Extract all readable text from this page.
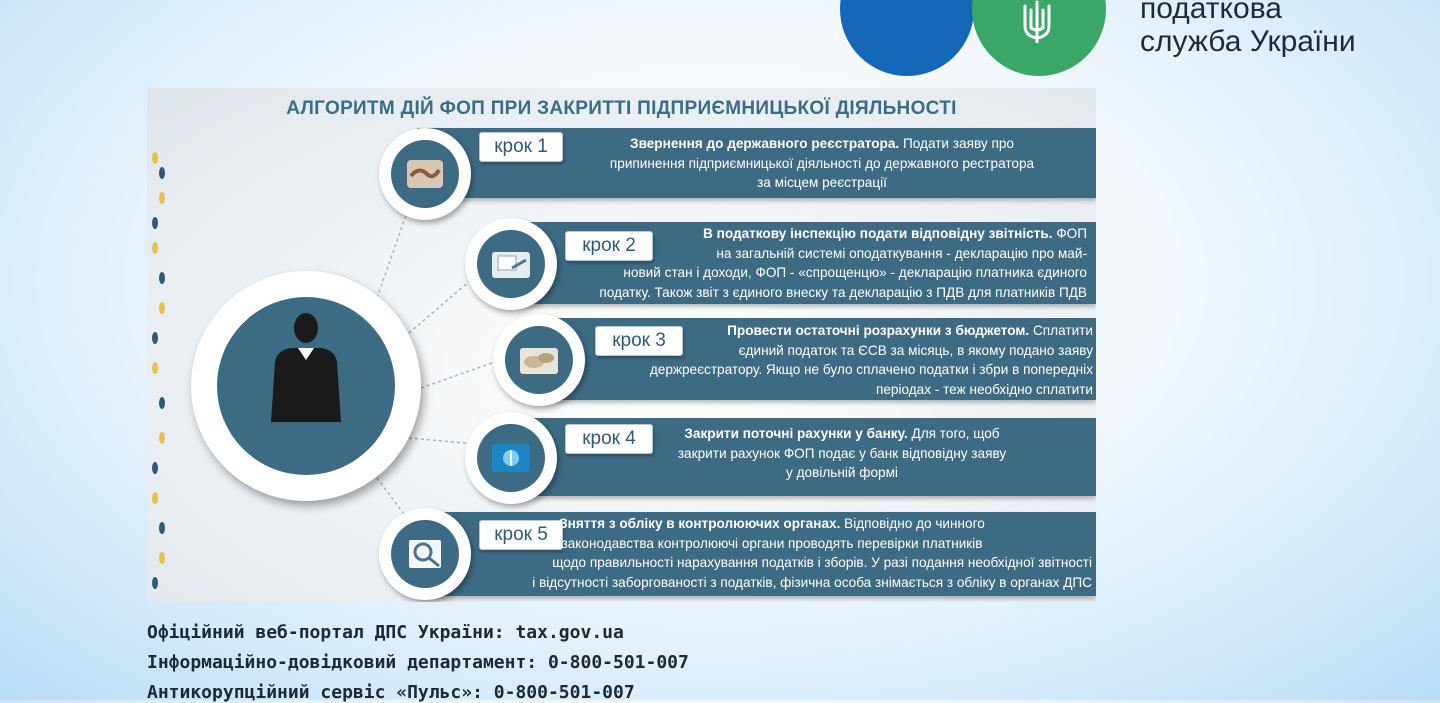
податкова
служба України
АЛГОРИТМ ДІЙ ФОП ПРИ ЗАКРИТТІ ПІДПРИЄМНИЦЬКОЇ ДІЯЛЬНОСТІ
крок 1	Звернення до державного реєстратора. Подати заяву про
припинення підприємницької діяльності до державного рестратора
за місцем реєстрації
крок 2
В податкову інспекцію подати відповідну звітність. ФОП
на загальній системі оподаткування - декларацію про май-
новий стан і доходи, ФОП - «спрощенцю» - декларацію платника єдиного
податку. Також звіт з єдиного внеску та декларацію з ПДВ для платників ПДВ
крок 3	Провести остаточні розрахунки з бюджетом. Сплатити
єдиний податок та ЄСВ за місяць, в якому подано заяву
держреєстратору. Якщо не було сплачено податки і збри в попередніх
періодах - теж необхідно сплатити
крок 4	Закрити поточні рахунки у банку. Для того, щоб
закрити рахунок ФОП подає у банк відповідну заяву
у довільній формі
крок 5
Зняття з обліку в контролюючих органах. Відповідно до чинного
законодавства контролюючі органи проводять перевірки платників
щодо правильності нарахування податків і зборів. У разі подання необхідної звітності
і відсутності заборгованості з податків, фізична особа знімається з обліку в органах ДПС
Офіційний веб-портал ДПС України: tax.gov.ua
Інформаційно-довідковий департамент: 0-800-501-007
Антикорупційний сервіс «Пульс»: 0-800-501-007
